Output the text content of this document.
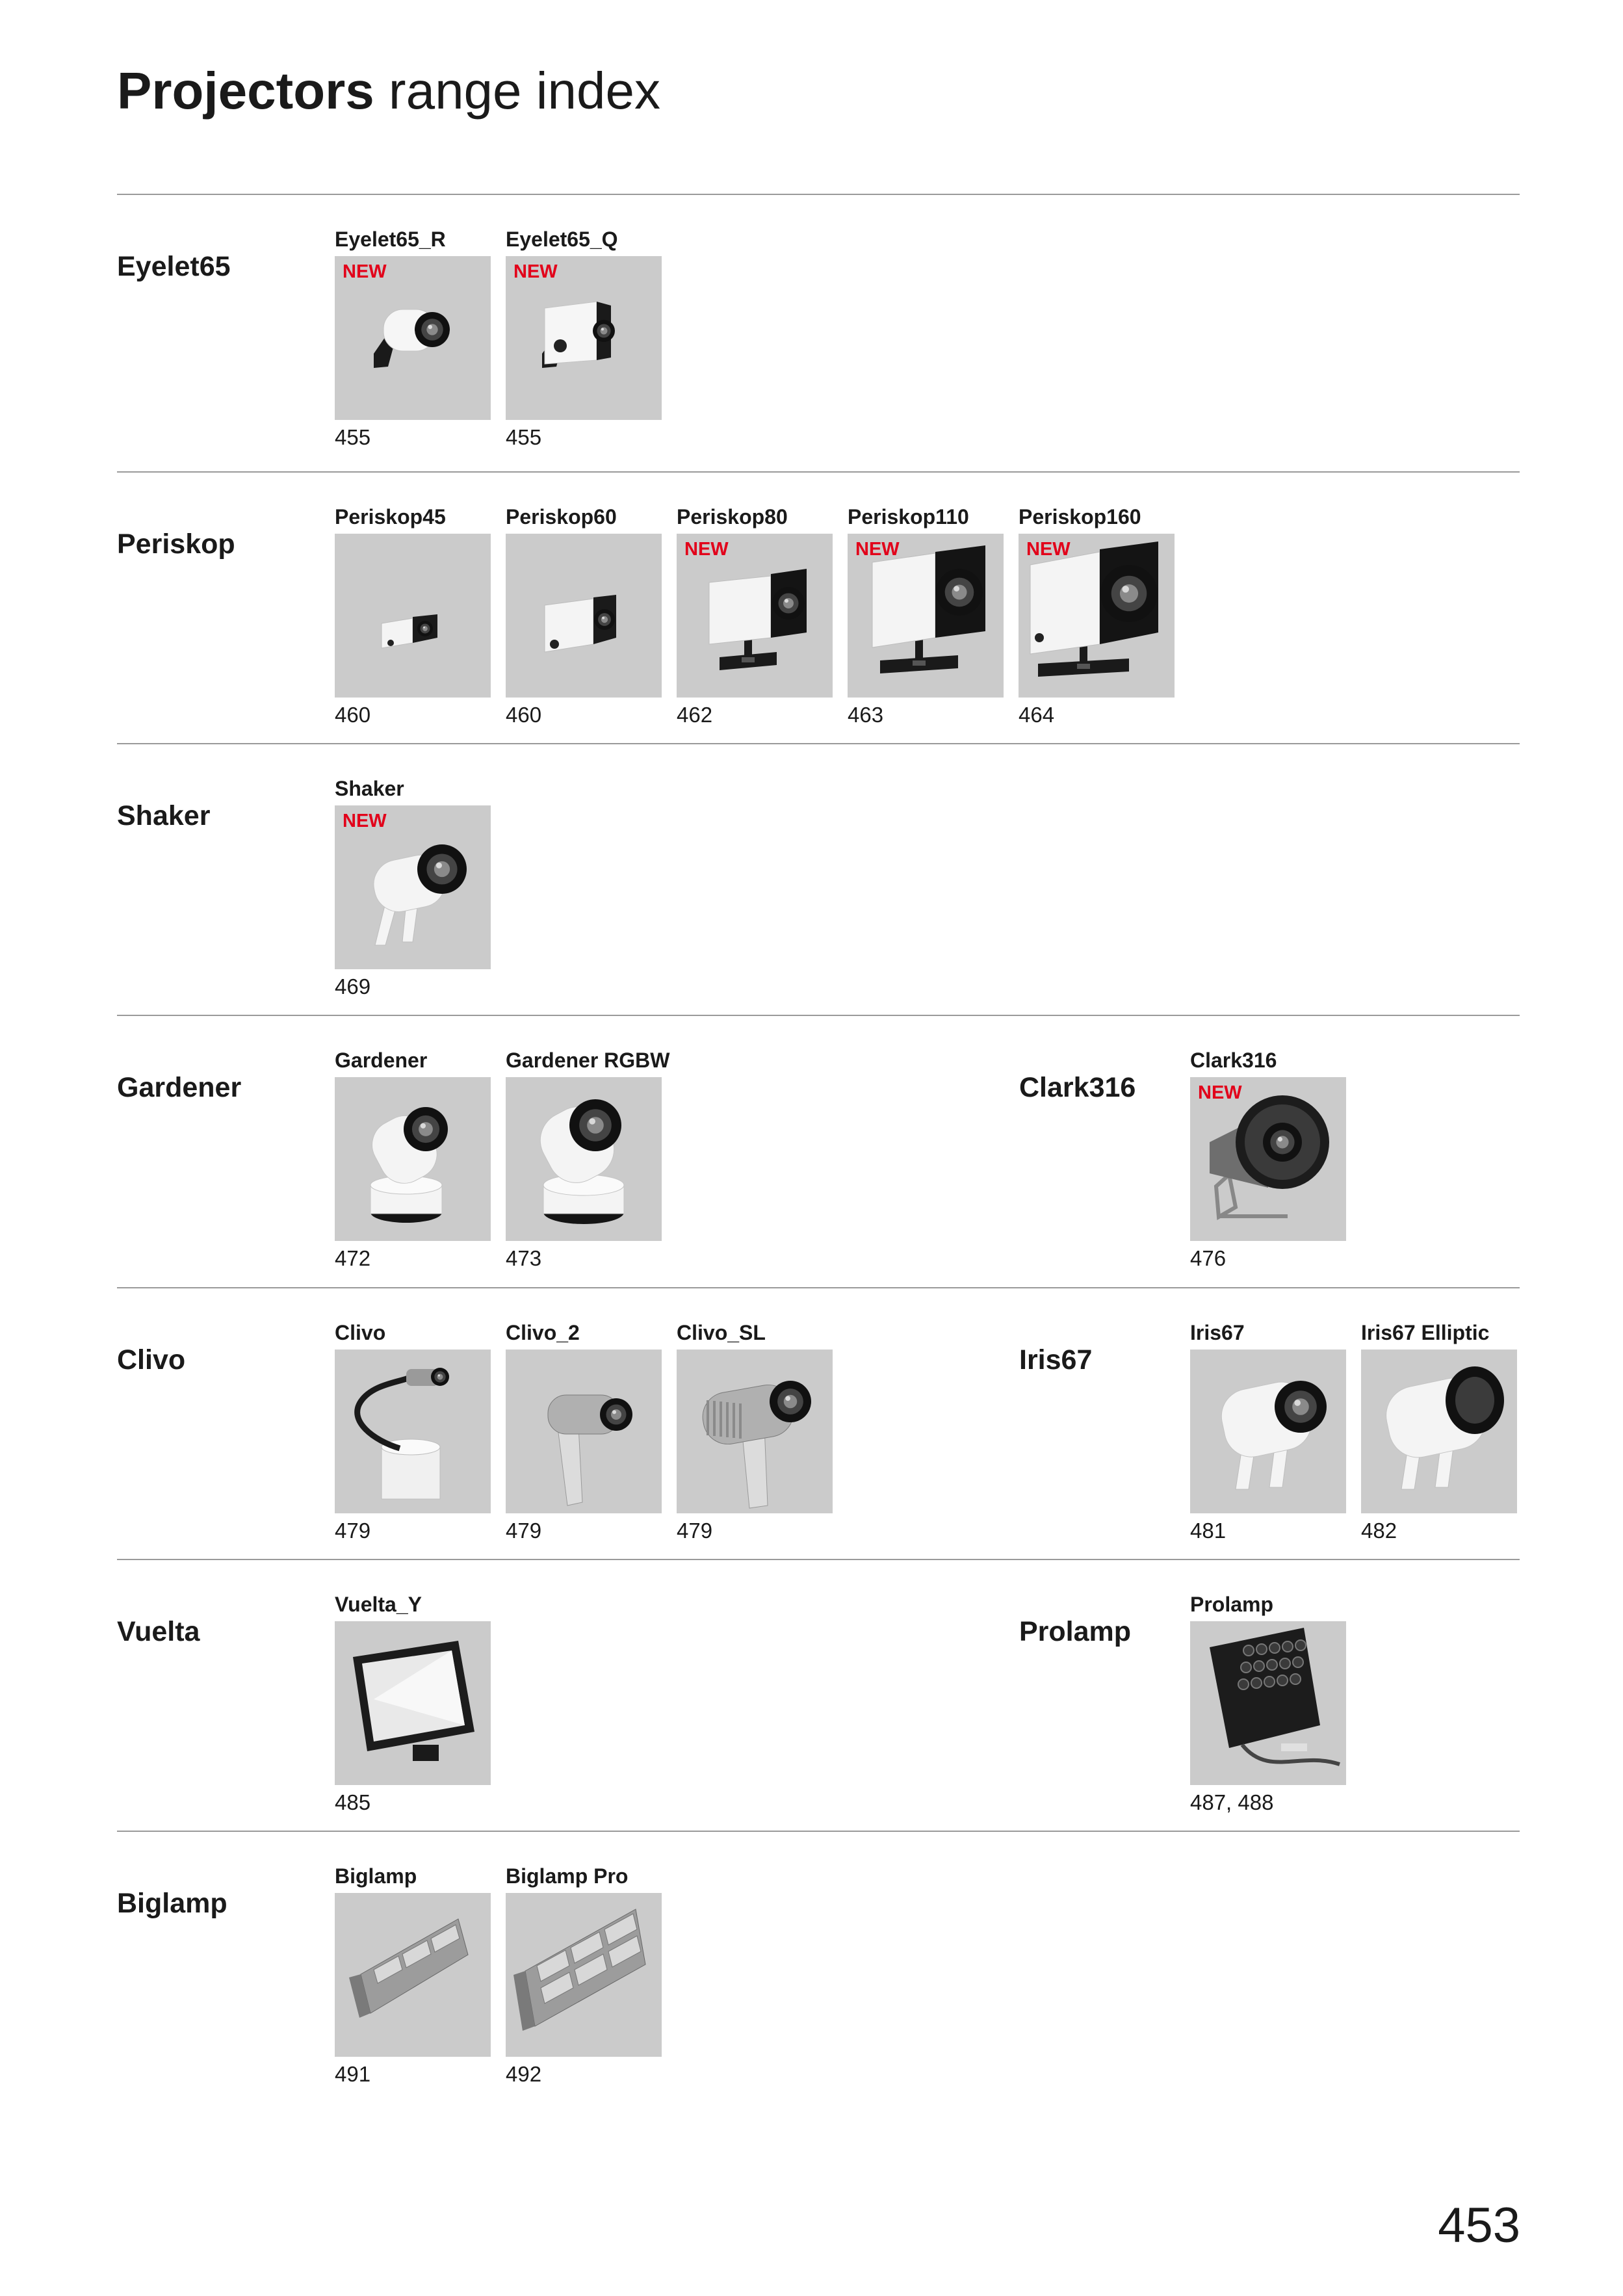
Projectors range index
Eyelet65
Eyelet65_R
NEW
455
Eyelet65_Q
NEW
455
Periskop
Periskop45
460
Periskop60
460
Periskop80
NEW
462
Periskop110
NEW
463
Periskop160
NEW
464
Shaker
Shaker
NEW
469
Gardener
Gardener
472
Gardener RGBW
473
Clark316
Clark316
NEW
476
Clivo
Clivo
479
Clivo_2
479
Clivo_SL
479
Iris67
Iris67
481
Iris67 Elliptic
482
Vuelta
Vuelta_Y
485
Prolamp
Prolamp
487, 488
Biglamp
Biglamp
491
Biglamp Pro
492
453
